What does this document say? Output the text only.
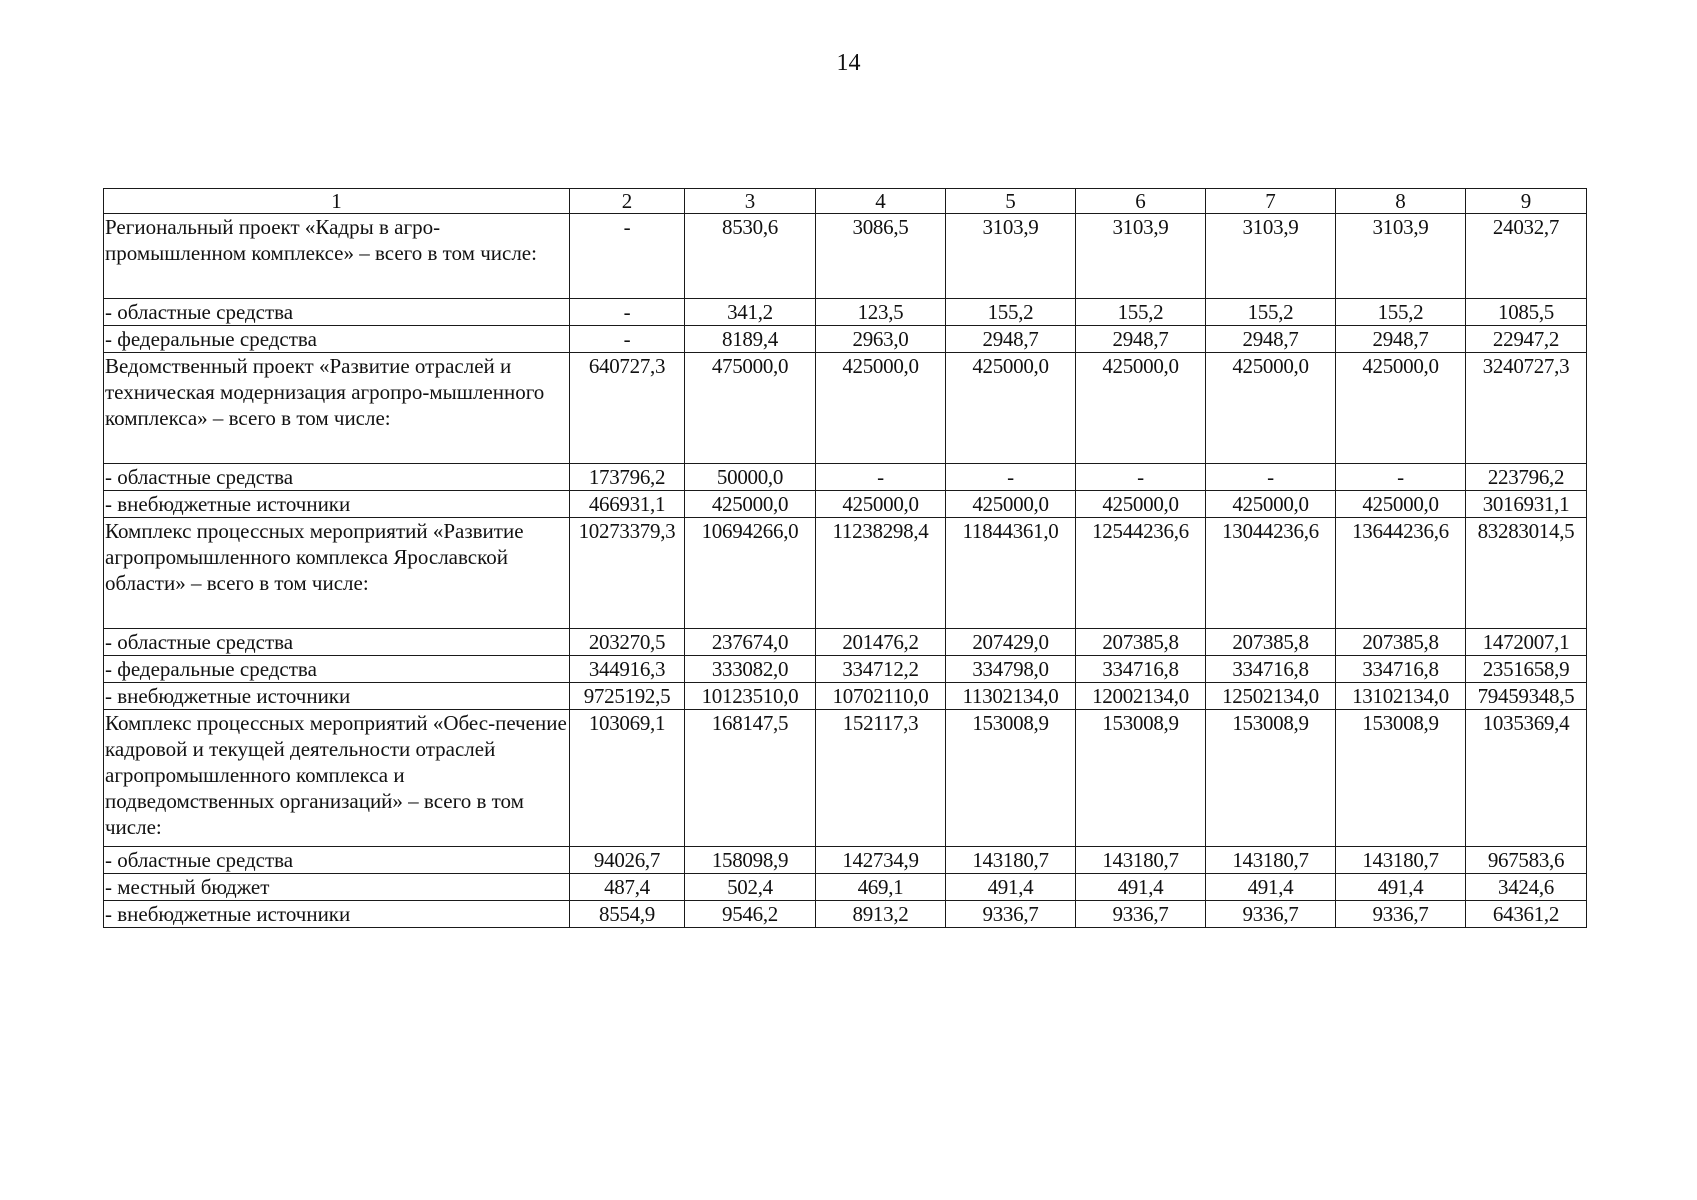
14
1	2	3	4	5	6	7	8	9
Региональный проект «Кадры в агро-промышленном комплексе» – всего в том числе:	-	8530,6	3086,5	3103,9	3103,9	3103,9	3103,9	24032,7
- областные средства	-	341,2	123,5	155,2	155,2	155,2	155,2	1085,5
- федеральные средства	-	8189,4	2963,0	2948,7	2948,7	2948,7	2948,7	22947,2
Ведомственный проект «Развитие отраслей и техническая модернизация агропро-мышленного комплекса» – всего в том числе:	640727,3	475000,0	425000,0	425000,0	425000,0	425000,0	425000,0	3240727,3
- областные средства	173796,2	50000,0	-	-	-	-	-	223796,2
- внебюджетные источники	466931,1	425000,0	425000,0	425000,0	425000,0	425000,0	425000,0	3016931,1
Комплекс процессных мероприятий «Развитие агропромышленного комплекса Ярославской области» – всего в том числе:	10273379,3	10694266,0	11238298,4	11844361,0	12544236,6	13044236,6	13644236,6	83283014,5
- областные средства	203270,5	237674,0	201476,2	207429,0	207385,8	207385,8	207385,8	1472007,1
- федеральные средства	344916,3	333082,0	334712,2	334798,0	334716,8	334716,8	334716,8	2351658,9
- внебюджетные источники	9725192,5	10123510,0	10702110,0	11302134,0	12002134,0	12502134,0	13102134,0	79459348,5
Комплекс процессных мероприятий «Обес-печение кадровой и текущей деятельности отраслей агропромышленного комплекса и подведомственных организаций» – всего в том числе:	103069,1	168147,5	152117,3	153008,9	153008,9	153008,9	153008,9	1035369,4
- областные средства	94026,7	158098,9	142734,9	143180,7	143180,7	143180,7	143180,7	967583,6
- местный бюджет	487,4	502,4	469,1	491,4	491,4	491,4	491,4	3424,6
- внебюджетные источники	8554,9	9546,2	8913,2	9336,7	9336,7	9336,7	9336,7	64361,2
